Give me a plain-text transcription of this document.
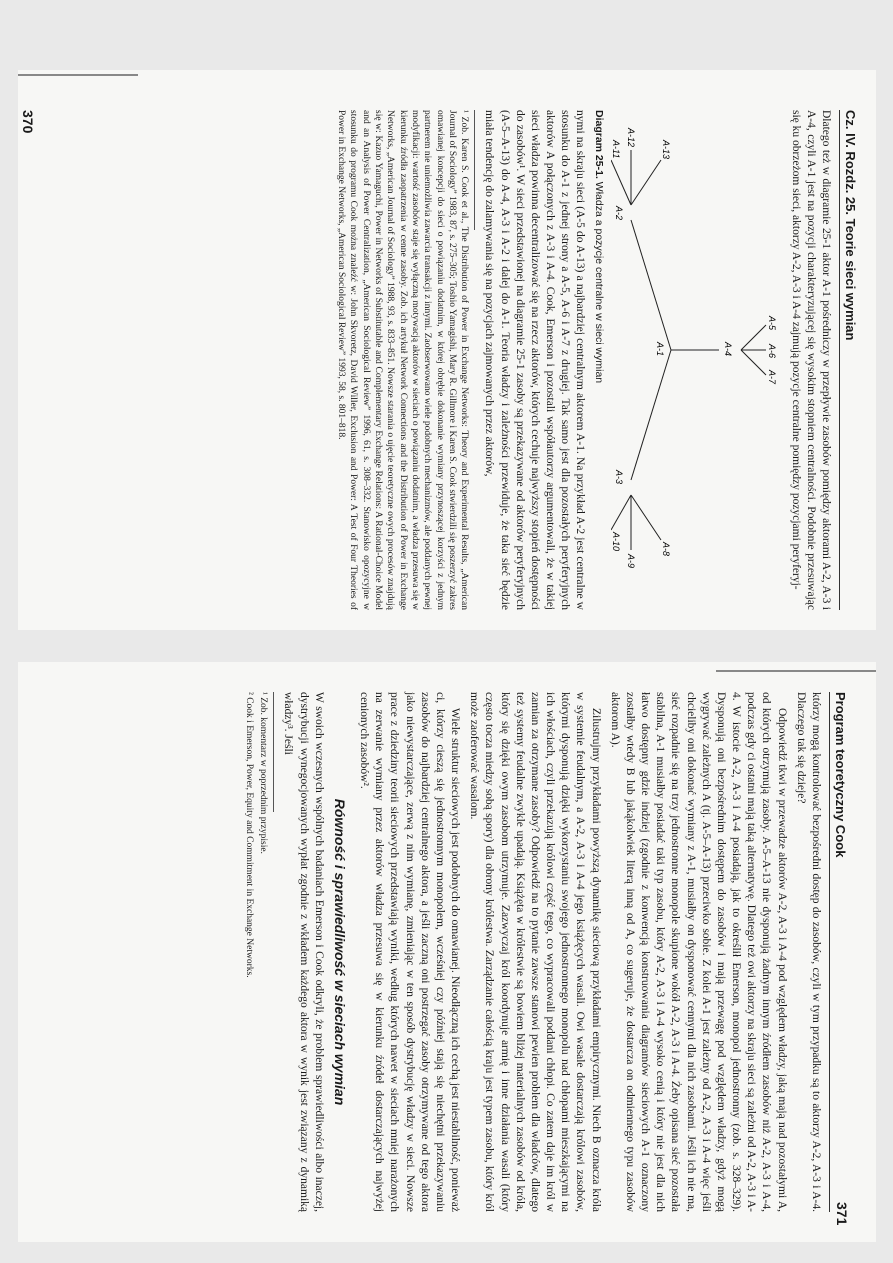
Cz. IV. Rozdz. 25. Teorie sieci wymian

Dlatego też w diagramie 25-1 aktor A-1 pośredniczy w przepływie zasobów pomiędzy aktorami A-2, A-3 i A-4, czyli A-1 jest na pozycji charakteryzującej się wysokim stopniem centralności. Podobnie przesuwając się ku obrzeżom sieci, aktorzy A-2, A-3 i A-4 zajmują pozycje centralne pomiędzy pozycjami peryferyj-

A-5
A-6
A-7
A-4
A-1
A-13
A-12
A-11
A-2
A-3
A-8
A-9
A-10
Diagram 25-1. Władza a pozycje centralne w sieci wymian

nymi na skraju sieci (A-5 do A-13) a najbardziej centralnym aktorem A-1. Na przykład A-2 jest centralne w stosunku do A-1 z jednej strony a A-5, A-6 i A-7 z drugiej. Tak samo jest dla pozostałych peryferyjnych aktorów A połączonych z A-3 i A-4. Cook, Emerson i pozostali współautorzy argumentowali, że w takiej sieci władza powinna decentralizować się na rzecz aktorów, których cechuje najwyższy stopień dostępności do zasobów¹. W sieci przedstawionej na diagramie 25-1 zasoby są przekazywane od aktorów peryferyjnych (A-5–A-13) do A-4, A-3 i A-2 i dalej do A-1. Teoria władzy i zależności przewiduje, że taka sieć będzie miała tendencję do zalamywania się na pozycjach zajmowanych przez aktorów,

¹ Zob. Karen S. Cook et al., The Distribution of Power in Exchange Networks: Theory and Experimental Results, „American Journal of Sociology” 1983, 87, s. 275–305; Toshio Yamagishi, Mary R. Gillmore i Karen S. Cook stwierdzili się poszerzyć zakres omawianej koncepcji do sieci o powiązaniu dodatnim, w której obrębie dokonanie wymiany przynoszącej korzyści z jednym partnerem nie uniemożliwia zawarcia transakcji z innymi. Zaobserwowano wiele podobnych mechanizmów, ale poddanych pewnej modyfikacji: wartość zasobów staje się wyłączną motywacją aktorów w sieciach o powiązaniu dodatnim, a władza przesuwa się w kierunku źródła zaopatrzenia w cenne zasoby. Zob. ich artykuł Network Connections and the Distribution of Power in Exchange Networks, „American Journal of Sociology” 1988, 93, s. 833–851. Nowsze starania o ujęcie teoretyczne owych procesów znajdują się w: Kazuo Yamaguchi, Power in Networks of Substitutable and Complementary Exchange Relations: A Rational-Choice Model and an Analysis of Power Centralization, „American Sociological Review” 1996, 61, s. 308–332. Stanowisko opozycyjne w stosunku do programu Cook można znaleźć w: John Skvoretz, David Willer, Exclusion and Power: A Test of Four Theories of Power in Exchange Networks, „American Sociological Review” 1993, 58, s. 801–818.

370
Program teoretyczny Cook

którzy mogą kontrolować bezpośredni dostęp do zasobów, czyli w tym przypadku są to aktorzy A-2, A-3 i A-4. Dlaczego tak się dzieje?

Odpowiedź tkwi w przewadze aktorów A-2, A-3 i A-4 pod względem władzy, jaką mają nad pozostałymi A, od których otrzymują zasoby. A-5–A-13 nie dysponują żadnym innym źródłem zasobów niż A-2, A-3 i A-4, podczas gdy ci ostatni mają taką alternatywę. Dlatego też owi aktorzy na skraju sieci są zależni od A-2, A-3 i A-4. W istocie A-2, A-3 i A-4 posiadają, jak to określił Emerson, monopol jednostronny (zob. s. 328–329). Dysponują oni bezpośrednim dostępem do zasobów i mają przewagę pod względem władzy, gdyż mogą wygrywać zależnych A (tj. A-5–A-13) przeciwko sobie. Z kolei A-1 jest zależny od A-2, A-3 i A-4 więc jeśli chcieliby oni dokonać wymiany z A-1, musiałby on dysponować cennymi dla nich zasobami. Jeśli ich nie ma, sieć rozpadnie się na trzy jednostronne monopole skupione wokół A-2, A-3 i A-4. Żeby opisana sieć pozostała stabilna, A-1 musiałby posiadać taki typ zasobu, który A-2, A-3 i A-4 wysoko cenią i który nie jest dla nich łatwo dostępny gdzie indziej (zgodnie z konwencją konstruowania diagramów sieciowych A-1 oznaczony zostałby wtedy B lub jakąkolwiek literą inną od A, co sugeruje, że dostarcza on odmiennego typu zasobów aktorom A).

Zilustrujmy przykładami powyższą dynamikę sieciową przykładami empirycznymi. Niech B oznacza króla w systemie feudalnym, a A-2, A-3 i A-4 jego książęcych wasali. Owi wasale dostarczają królowi zasobów, którymi dysponują dzięki wykorzystaniu swojego jednostronnego monopolu nad chłopami mieszkającymi na ich włościach, czyli przekazują królowi część tego, co wypracowali poddani chłopi. Co zatem daje im król w zamian za otrzymane zasoby? Odpowiedź na to pytanie zawsze stanowi pewien problem dla władców, dlatego też systemy feudalne zwykle upadają. Książęta w królestwie są bowiem bliżej materialnych zasobów od króla, który się dzięki owym zasobom utrzymuje. Zazwyczaj król koordynuje armię i inne działania wasali (który często tocza miedzy sobą spory) dla obrony królestwa. Zarządzanie całością kraju jest typem zasobu, który król może zaoferować wasalom.

Wiele struktur sieciowych jest podobnych do omawianej. Nieodłączną ich cechą jest niestabilność, ponieważ ci, którzy cieszą się jednostronnym monopolem, wcześniej czy później stają się niechętni przekazywaniu zasobów do najbardziej centralnego aktora, a jeśli zaczną oni postrzegać zasoby otrzymywane od tego aktora jako niewystarczające, zerwą z nim wymianę, zmieniając w ten sposób dystrybucję władzy w sieci. Nowsze prace z dziedziny teorii sieciowych przedstawiają wyniki, według których nawet w sieciach mniej narażonych na zerwanie wymiany przez aktorów władza przesuwa się w kierunku źródeł dostarczających najwyżej cenionych zasobów².

Równość i sprawiedliwość w sieciach wymian

W swoich wczesnych wspólnych badaniach Emerson i Cook odkryli, że problem sprawiedliwości albo inaczej, dystrybucji wynegocjowanych wypłat zgodnie z wkładem każdego aktora w wynik jest związany z dynamiką władzy³. Jeśli

¹ Zob. komentarz w poprzednim przypisie.

² Cook i Emerson, Power, Equity and Commitment in Exchange Networks.

371
